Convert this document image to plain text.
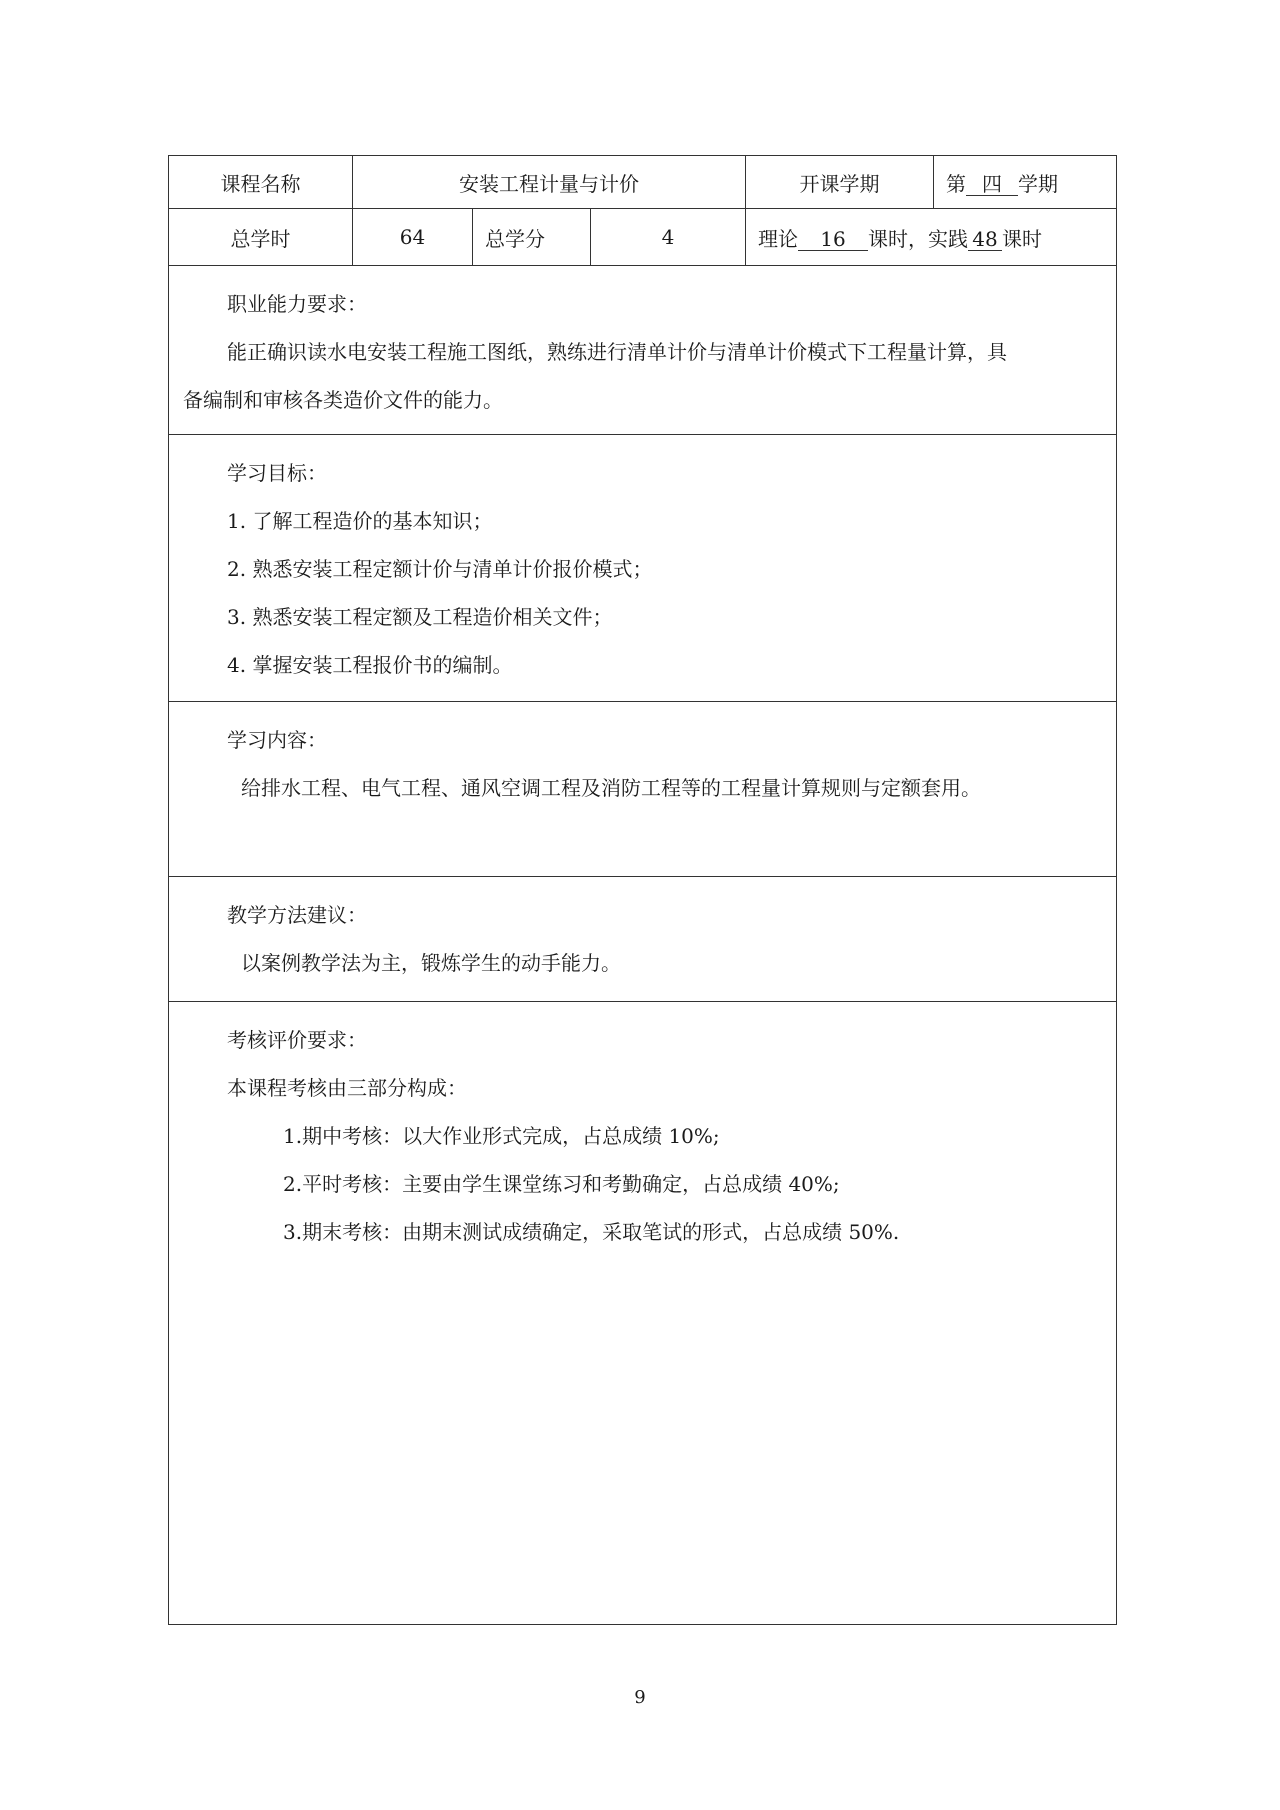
课程名称	安装工程计量与计价			开课学期	第 四 学期
总学时	64	总学分	4	理论 16 课时，实践 48 课时	

职业能力要求：

能正确识读水电安装工程施工图纸，熟练进行清单计价与清单计价模式下工程量计算，具

备编制和审核各类造价文件的能力。					

学习目标：

1. 了解工程造价的基本知识；

2. 熟悉安装工程定额计价与清单计价报价模式；

3. 熟悉安装工程定额及工程造价相关文件；

4. 掌握安装工程报价书的编制。					

学习内容：

给排水工程、电气工程、通风空调工程及消防工程等的工程量计算规则与定额套用。					

教学方法建议：

以案例教学法为主，锻炼学生的动手能力。					

考核评价要求：

本课程考核由三部分构成：

1.期中考核：以大作业形式完成，占总成绩 10%;

2.平时考核：主要由学生课堂练习和考勤确定，占总成绩 40%;

3.期末考核：由期末测试成绩确定，采取笔试的形式，占总成绩 50%.					

9
